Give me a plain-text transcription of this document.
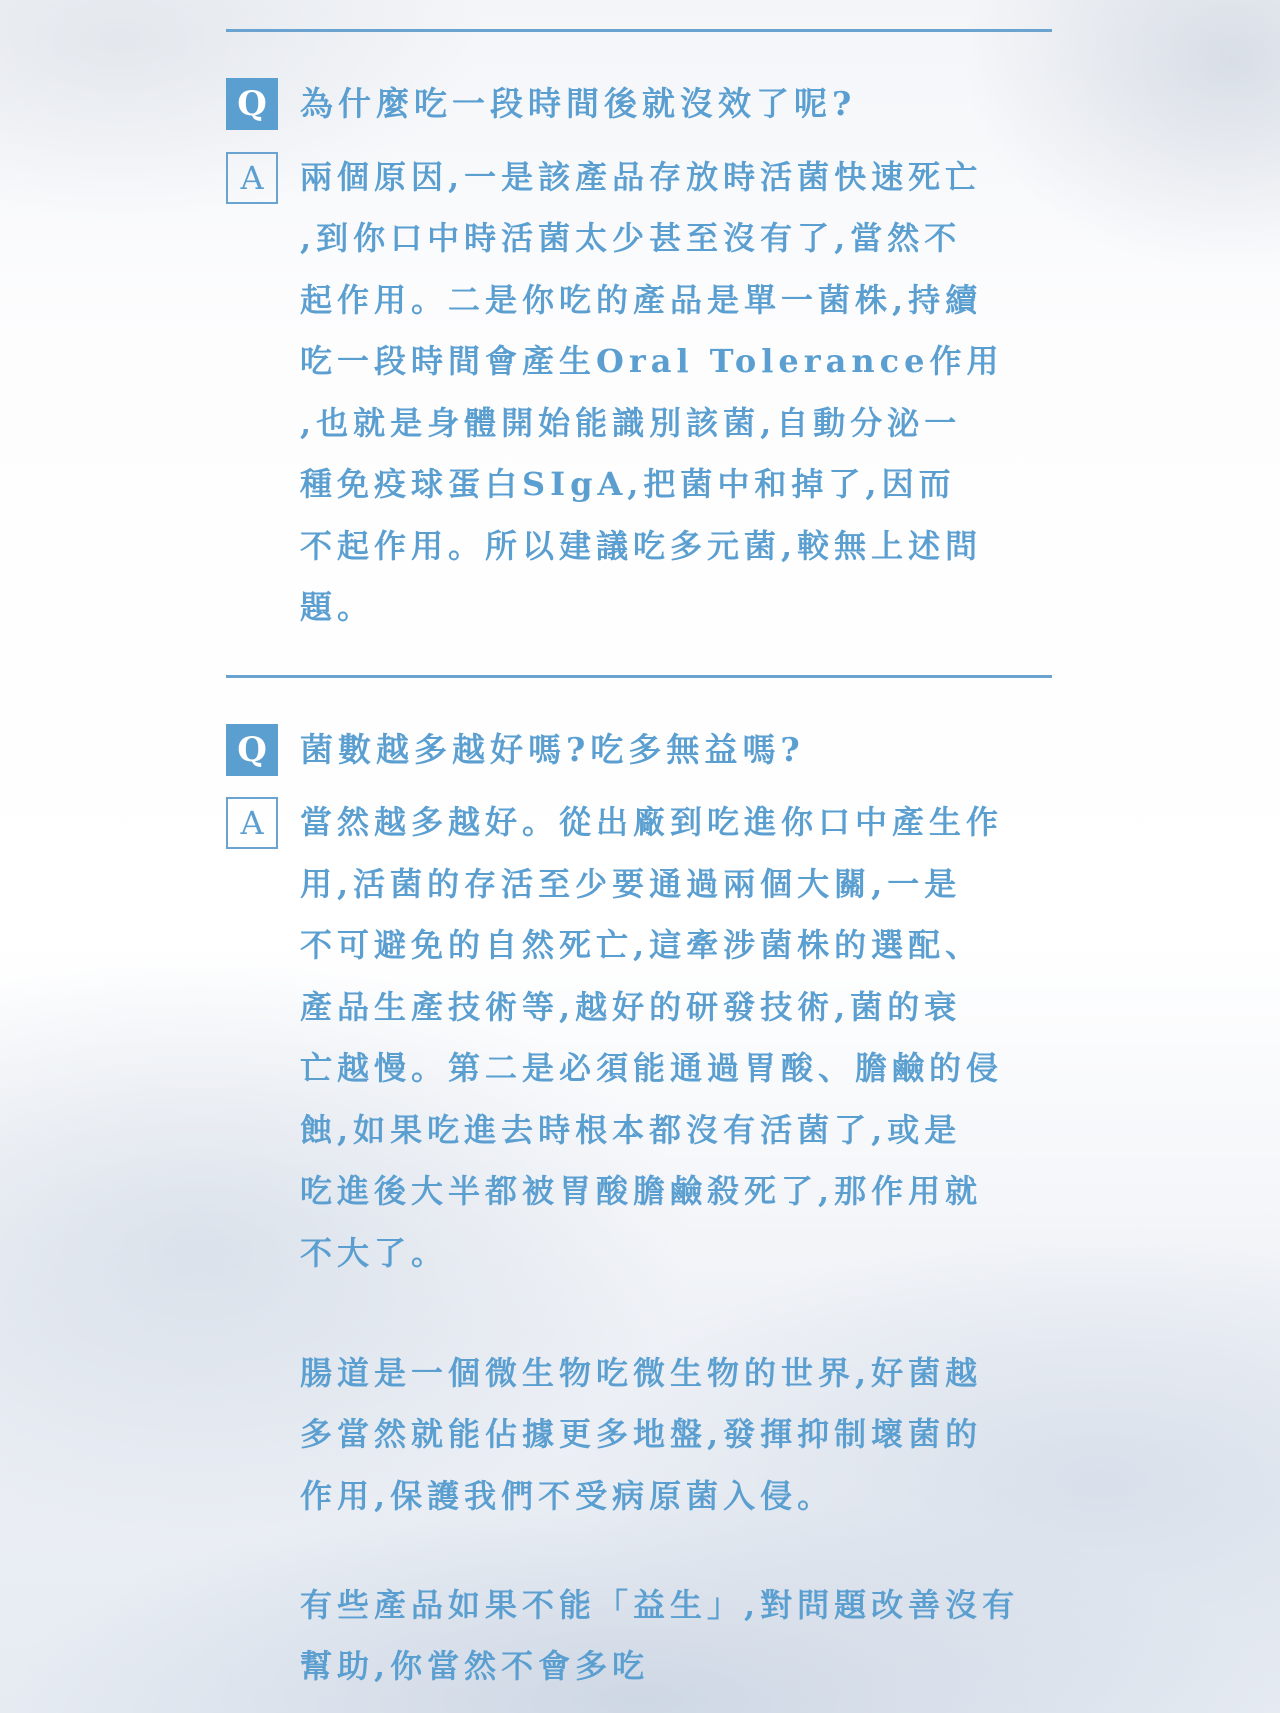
Q	為什麼吃一段時間後就沒效了呢?
A	兩個原因,一是該產品存放時活菌快速死亡
,到你口中時活菌太少甚至沒有了,當然不
起作用。二是你吃的產品是單一菌株,持續
吃一段時間會產生Oral Tolerance作用
,也就是身體開始能識別該菌,自動分泌一
種免疫球蛋白SIgA,把菌中和掉了,因而
不起作用。所以建議吃多元菌,較無上述問
題。
Q	菌數越多越好嗎?吃多無益嗎?
A	當然越多越好。從出廠到吃進你口中產生作
用,活菌的存活至少要通過兩個大關,一是
不可避免的自然死亡,這牽涉菌株的選配、
產品生產技術等,越好的研發技術,菌的衰
亡越慢。第二是必須能通過胃酸、膽鹼的侵
蝕,如果吃進去時根本都沒有活菌了,或是
吃進後大半都被胃酸膽鹼殺死了,那作用就
不大了。
腸道是一個微生物吃微生物的世界,好菌越
多當然就能佔據更多地盤,發揮抑制壞菌的
作用,保護我們不受病原菌入侵。
有些產品如果不能「益生」,對問題改善沒有
幫助,你當然不會多吃
